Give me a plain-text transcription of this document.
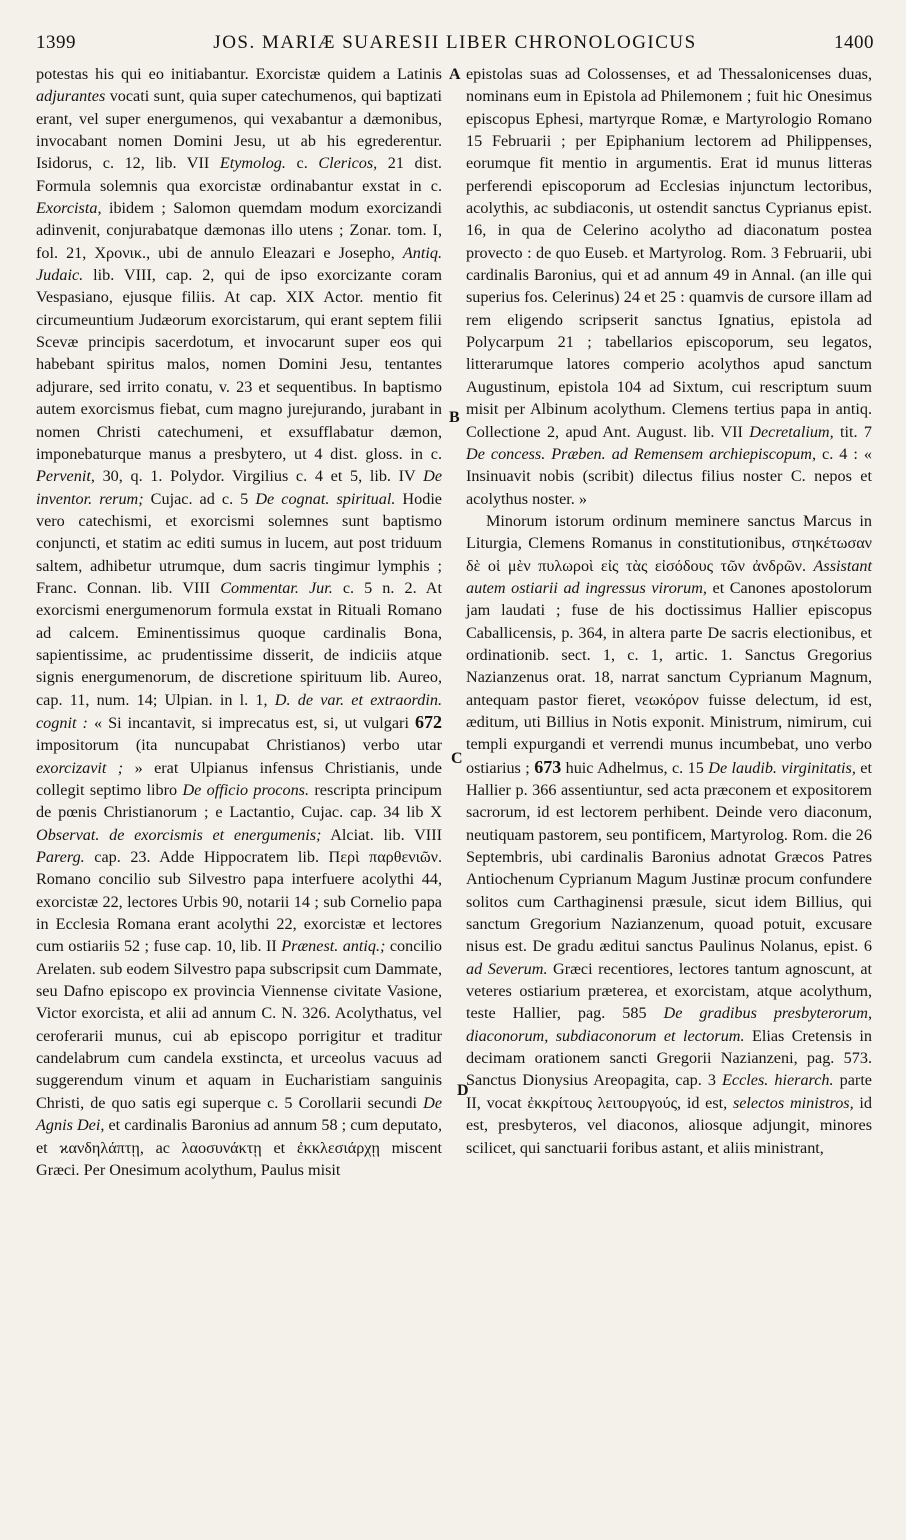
1399	JOS. MARIÆ SUARESII LIBER CHRONOLOGICUS	1400
A
B
C
D

potestas his qui eo initiabantur. Exorcistæ quidem a Latinis adjurantes vocati sunt, quia super catechumenos, qui baptizati erant, vel super energumenos, qui vexabantur a dæmonibus, invocabant nomen Domini Jesu, ut ab his egrederentur. Isidorus, c. 12, lib. VII Etymolog. c. Clericos, 21 dist. Formula solemnis qua exorcistæ ordinabantur exstat in c. Exorcista, ibidem ; Salomon quemdam modum exorcizandi adinvenit, conjurabatque dæmonas illo utens ; Zonar. tom. I, fol. 21, Χρονικ., ubi de annulo Eleazari e Josepho, Antiq. Judaic. lib. VIII, cap. 2, qui de ipso exorcizante coram Vespasiano, ejusque filiis. At cap. XIX Actor. mentio fit circumeuntium Judæorum exorcistarum, qui erant septem filii Scevæ principis sacerdotum, et invocarunt super eos qui habebant spiritus malos, nomen Domini Jesu, tentantes adjurare, sed irrito conatu, v. 23 et sequentibus. In baptismo autem exorcismus fiebat, cum magno jurejurando, jurabant in nomen Christi catechumeni, et exsufflabatur dæmon, imponebaturque manus a presbytero, ut 4 dist. gloss. in c. Pervenit, 30, q. 1. Polydor. Virgilius c. 4 et 5, lib. IV De inventor. rerum; Cujac. ad c. 5 De cognat. spiritual. Hodie vero catechismi, et exorcismi solemnes sunt baptismo conjuncti, et statim ac editi sumus in lucem, aut post triduum saltem, adhibetur utrumque, dum sacris tingimur lymphis ; Franc. Connan. lib. VIII Commentar. Jur. c. 5 n. 2. At exorcismi energumenorum formula exstat in Rituali Romano ad calcem. Eminentissimus quoque cardinalis Bona, sapientissime, ac prudentissime disserit, de indiciis atque signis energumenorum, de discretione spirituum lib. Aureo, cap. 11, num. 14; Ulpian. in l. 1, D. de var. et extraordin. cognit : « Si incantavit, si imprecatus est, si, ut vulgari 672 impositorum (ita nuncupabat Christianos) verbo utar exorcizavit ; » erat Ulpianus infensus Christianis, unde collegit septimo libro De officio procons. rescripta principum de pœnis Christianorum ; e Lactantio, Cujac. cap. 34 lib X Observat. de exorcismis et energumenis; Alciat. lib. VIII Parerg. cap. 23. Adde Hippocratem lib. Περὶ παρθενιῶν. Romano concilio sub Silvestro papa interfuere acolythi 44, exorcistæ 22, lectores Urbis 90, notarii 14 ; sub Cornelio papa in Ecclesia Romana erant acolythi 22, exorcistæ et lectores cum ostiariis 52 ; fuse cap. 10, lib. II Prænest. antiq.; concilio Arelaten. sub eodem Silvestro papa subscripsit cum Dammate, seu Dafno episcopo ex provincia Viennense civitate Vasione, Victor exorcista, et alii ad annum C. N. 326. Acolythatus, vel ceroferarii munus, cui ab episcopo porrigitur et traditur candelabrum cum candela exstincta, et urceolus vacuus ad suggerendum vinum et aquam in Eucharistiam sanguinis Christi, de quo satis egi superque c. 5 Corollarii secundi De Agnis Dei, et cardinalis Baronius ad annum 58 ; cum deputato, et ϰανδηλάπτῃ, ac λαοσυνάκτῃ et ἐκκλεσιάρχῃ miscent Græci. Per Onesimum acolythum, Paulus misit

epistolas suas ad Colossenses, et ad Thessalonicenses duas, nominans eum in Epistola ad Philemonem ; fuit hic Onesimus episcopus Ephesi, martyrque Romæ, e Martyrologio Romano 15 Februarii ; per Epiphanium lectorem ad Philippenses, eorumque fit mentio in argumentis. Erat id munus litteras perferendi episcoporum ad Ecclesias injunctum lectoribus, acolythis, ac subdiaconis, ut ostendit sanctus Cyprianus epist. 16, in qua de Celerino acolytho ad diaconatum postea provecto : de quo Euseb. et Martyrolog. Rom. 3 Februarii, ubi cardinalis Baronius, qui et ad annum 49 in Annal. (an ille qui superius fos. Celerinus) 24 et 25 : quamvis de cursore illam ad rem eligendo scripserit sanctus Ignatius, epistola ad Polycarpum 21 ; tabellarios episcoporum, seu legatos, litterarumque latores comperio acolythos apud sanctum Augustinum, epistola 104 ad Sixtum, cui rescriptum suum misit per Albinum acolythum. Clemens tertius papa in antiq. Collectione 2, apud Ant. August. lib. VII Decretalium, tit. 7 De concess. Præben. ad Remensem archiepiscopum, c. 4 : « Insinuavit nobis (scribit) dilectus filius noster C. nepos et acolythus noster. »

Minorum istorum ordinum meminere sanctus Marcus in Liturgia, Clemens Romanus in constitutionibus, στηκέτωσαν δὲ οἱ μὲν πυλωροὶ εἰς τὰς εἰσόδους τῶν ἀνδρῶν. Assistant autem ostiarii ad ingressus virorum, et Canones apostolorum jam laudati ; fuse de his doctissimus Hallier episcopus Caballicensis, p. 364, in altera parte De sacris electionibus, et ordinationib. sect. 1, c. 1, artic. 1. Sanctus Gregorius Nazianzenus orat. 18, narrat sanctum Cyprianum Magnum, antequam pastor fieret, νεωκόρον fuisse delectum, id est, æditum, uti Billius in Notis exponit. Ministrum, nimirum, cui templi expurgandi et verrendi munus incumbebat, uno verbo ostiarius ; 673 huic Adhelmus, c. 15 De laudib. virginitatis, et Hallier p. 366 assentiuntur, sed acta præconem et expositorem sacrorum, id est lectorem perhibent. Deinde vero diaconum, neutiquam pastorem, seu pontificem, Martyrolog. Rom. die 26 Septembris, ubi cardinalis Baronius adnotat Græcos Patres Antiochenum Cyprianum Magum Justinæ procum confundere solitos cum Carthaginensi præsule, sicut idem Billius, qui sanctum Gregorium Nazianzenum, quoad potuit, excusare nisus est. De gradu æditui sanctus Paulinus Nolanus, epist. 6 ad Severum. Græci recentiores, lectores tantum agnoscunt, at veteres ostiarium præterea, et exorcistam, atque acolythum, teste Hallier, pag. 585 De gradibus presbyterorum, diaconorum, subdiaconorum et lectorum. Elias Cretensis in decimam orationem sancti Gregorii Nazianzeni, pag. 573. Sanctus Dionysius Areopagita, cap. 3 Eccles. hierarch. parte II, vocat ἐκκρίτους λειτουργούς, id est, selectos ministros, id est, presbyteros, vel diaconos, aliosque adjungit, minores scilicet, qui sanctuarii foribus astant, et aliis ministrant,
